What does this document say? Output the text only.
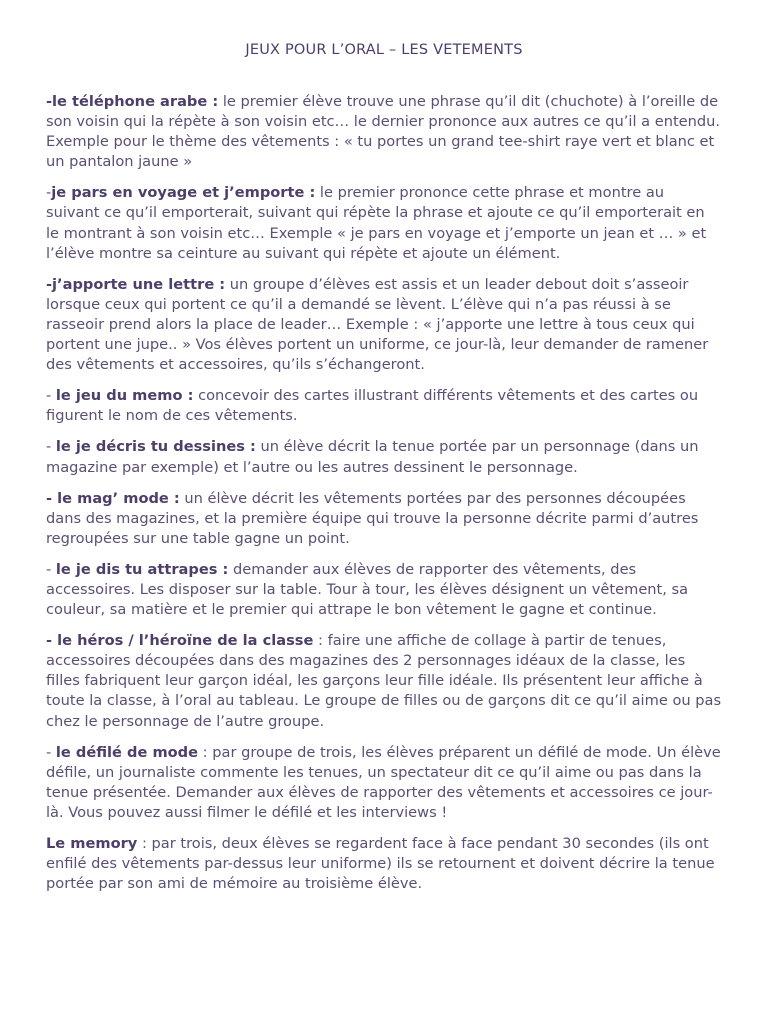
JEUX POUR L’ORAL – LES VETEMENTS

-le téléphone arabe : le premier élève trouve une phrase qu’il dit (chuchote) à l’oreille de son voisin qui la répète à son voisin etc… le dernier prononce aux autres ce qu’il a entendu. Exemple pour le thème des vêtements : « tu portes un grand tee-shirt raye vert et blanc et un pantalon jaune »

-je pars en voyage et j’emporte : le premier prononce cette phrase et montre au suivant ce qu’il emporterait, suivant qui répète la phrase et ajoute ce qu’il emporterait en le montrant à son voisin etc… Exemple « je pars en voyage et j’emporte un jean et … » et l’élève montre sa ceinture au suivant qui répète et ajoute un élément.

-j’apporte une lettre : un groupe d’élèves est assis et un leader debout doit s’asseoir lorsque ceux qui portent ce qu’il a demandé se lèvent. L’élève qui n’a pas réussi à se rasseoir prend alors la place de leader… Exemple : « j’apporte une lettre à tous ceux qui portent une jupe.. » Vos élèves portent un uniforme, ce jour-là, leur demander de ramener des vêtements et accessoires, qu’ils s’échangeront.

- le jeu du memo : concevoir des cartes illustrant différents vêtements et des cartes ou figurent le nom de ces vêtements.

- le je décris tu dessines : un élève décrit la tenue portée par un personnage (dans un magazine par exemple) et l’autre ou les autres dessinent le personnage.

- le mag’ mode : un élève décrit les vêtements portées par des personnes découpées dans des magazines, et la première équipe qui trouve la personne décrite parmi d’autres regroupées sur une table gagne un point.

- le je dis tu attrapes : demander aux élèves de rapporter des vêtements, des accessoires. Les disposer sur la table. Tour à tour, les élèves désignent un vêtement, sa couleur, sa matière et le premier qui attrape le bon vêtement le gagne et continue.

- le héros / l’héroïne de la classe : faire une affiche de collage à partir de tenues, accessoires découpées dans des magazines des 2 personnages idéaux de la classe, les filles fabriquent leur garçon idéal, les garçons leur fille idéale. Ils présentent leur affiche à toute la classe, à l’oral au tableau. Le groupe de filles ou de garçons dit ce qu’il aime ou pas chez le personnage de l’autre groupe.

- le défilé de mode : par groupe de trois, les élèves préparent un défilé de mode. Un élève défile, un journaliste commente les tenues, un spectateur dit ce qu’il aime ou pas dans la tenue présentée. Demander aux élèves de rapporter des vêtements et accessoires ce jour-là. Vous pouvez aussi filmer le défilé et les interviews !

Le memory : par trois, deux élèves se regardent face à face pendant 30 secondes (ils ont enfilé des vêtements par-dessus leur uniforme) ils se retournent et doivent décrire la tenue portée par son ami de mémoire au troisième élève.
